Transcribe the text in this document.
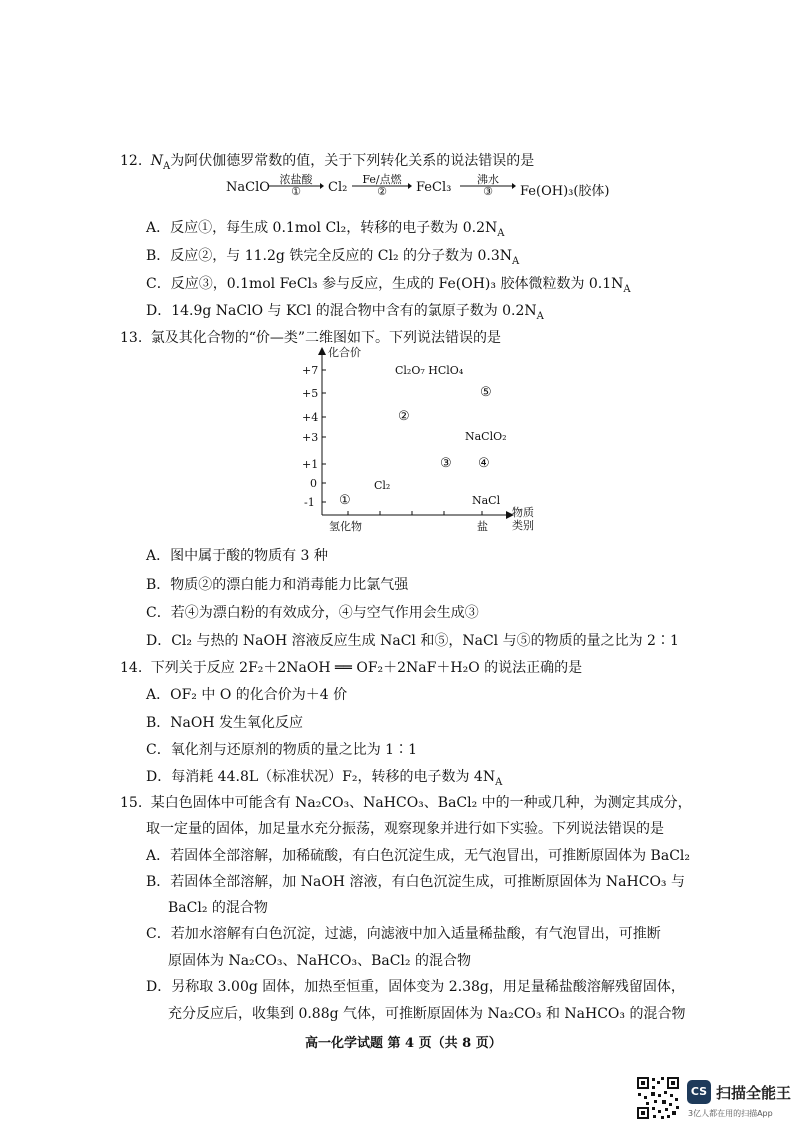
12. $N_A$为阿伏伽德罗常数的值，关于下列转化关系的说法错误的是
NaClO
浓盐酸
①	Cl₂
Fe/点燃
②	FeCl₃
沸水
③	Fe(OH)₃(胶体)
A．反应①，每生成 0.1mol Cl₂，转移的电子数为 $0.2N_A$
B．反应②，与 11.2g 铁完全反应的 Cl₂ 的分子数为 $0.3N_A$
C．反应③，0.1mol FeCl₃ 参与反应，生成的 Fe(OH)₃ 胶体微粒数为 $0.1N_A$
D．14.9g NaClO 与 KCl 的混合物中含有的氯原子数为 $0.2N_A$
13. 氯及其化合物的“价—类”二维图如下。下列说法错误的是
化合价
+7
+5
+4
+3
+1
0
-1
Cl₂O₇ HClO₄
⑤
②
NaClO₂
③ ④
Cl₂
①	NaCl
氢化物	盐
物质
类别
A．图中属于酸的物质有 3 种
B．物质②的漂白能力和消毒能力比氯气强
C．若④为漂白粉的有效成分，④与空气作用会生成③
D．Cl₂ 与热的 NaOH 溶液反应生成 NaCl 和⑤，NaCl 与⑤的物质的量之比为 2∶1
14. 下列关于反应 2F₂＋2NaOH ══ OF₂＋2NaF＋H₂O 的说法正确的是
A．OF₂ 中 O 的化合价为＋4 价
B．NaOH 发生氧化反应
C．氧化剂与还原剂的物质的量之比为 1∶1
D．每消耗 44.8L（标准状况）F₂，转移的电子数为 $4N_A$
15. 某白色固体中可能含有 Na₂CO₃、NaHCO₃、BaCl₂ 中的一种或几种，为测定其成分，
取一定量的固体，加足量水充分振荡，观察现象并进行如下实验。下列说法错误的是
A．若固体全部溶解，加稀硫酸，有白色沉淀生成，无气泡冒出，可推断原固体为 BaCl₂
B．若固体全部溶解，加 NaOH 溶液，有白色沉淀生成，可推断原固体为 NaHCO₃ 与
BaCl₂ 的混合物
C．若加水溶解有白色沉淀，过滤，向滤液中加入适量稀盐酸，有气泡冒出，可推断
原固体为 Na₂CO₃、NaHCO₃、BaCl₂ 的混合物
D．另称取 3.00g 固体，加热至恒重，固体变为 2.38g，用足量稀盐酸溶解残留固体，
充分反应后，收集到 0.88g 气体，可推断原固体为 Na₂CO₃ 和 NaHCO₃ 的混合物
高一化学试题 第 4 页（共 8 页）
CS 扫描全能王
3亿人都在用的扫描App
